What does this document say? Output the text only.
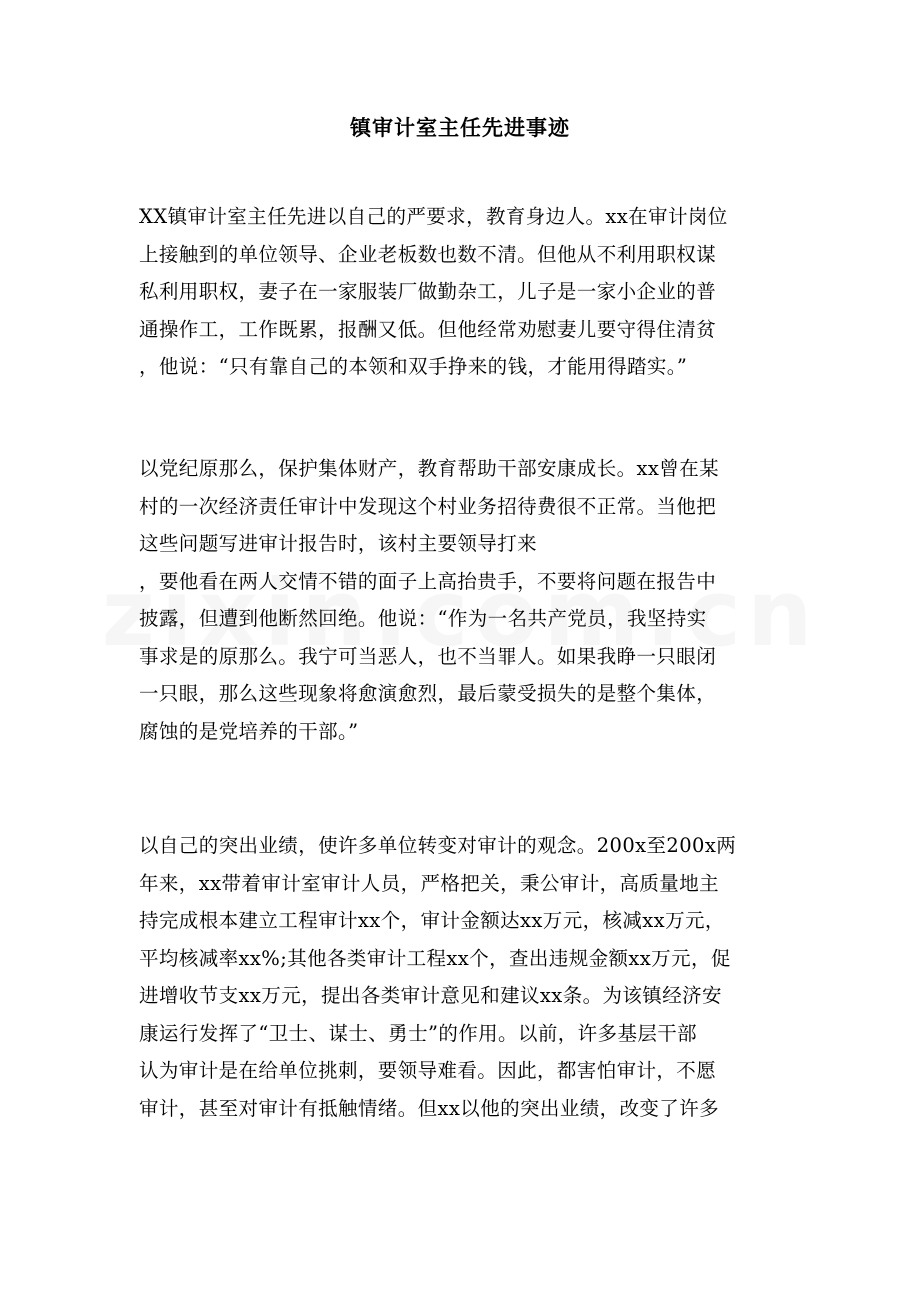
镇审计室主任先进事迹
XX镇审计室主任先进以自己的严要求，教育身边人。xx在审计岗位
上接触到的单位领导、企业老板数也数不清。但他从不利用职权谋
私利用职权，妻子在一家服装厂做勤杂工，儿子是一家小企业的普
通操作工，工作既累，报酬又低。但他经常劝慰妻儿要守得住清贫
，他说：“只有靠自己的本领和双手挣来的钱，才能用得踏实。”
以党纪原那么，保护集体财产，教育帮助干部安康成长。xx曾在某
村的一次经济责任审计中发现这个村业务招待费很不正常。当他把
这些问题写进审计报告时，该村主要领导打来
，要他看在两人交情不错的面子上高抬贵手，不要将问题在报告中
披露，但遭到他断然回绝。他说：“作为一名共产党员，我坚持实
事求是的原那么。我宁可当恶人，也不当罪人。如果我睁一只眼闭
一只眼，那么这些现象将愈演愈烈，最后蒙受损失的是整个集体，
腐蚀的是党培养的干部。”
以自己的突出业绩，使许多单位转变对审计的观念。200x至200x两
年来，xx带着审计室审计人员，严格把关，秉公审计，高质量地主
持完成根本建立工程审计xx个，审计金额达xx万元，核减xx万元，
平均核减率xx%;其他各类审计工程xx个，查出违规金额xx万元，促
进增收节支xx万元，提出各类审计意见和建议xx条。为该镇经济安
康运行发挥了“卫士、谋士、勇士”的作用。以前，许多基层干部
认为审计是在给单位挑刺，要领导难看。因此，都害怕审计，不愿
审计，甚至对审计有抵触情绪。但xx以他的突出业绩，改变了许多
